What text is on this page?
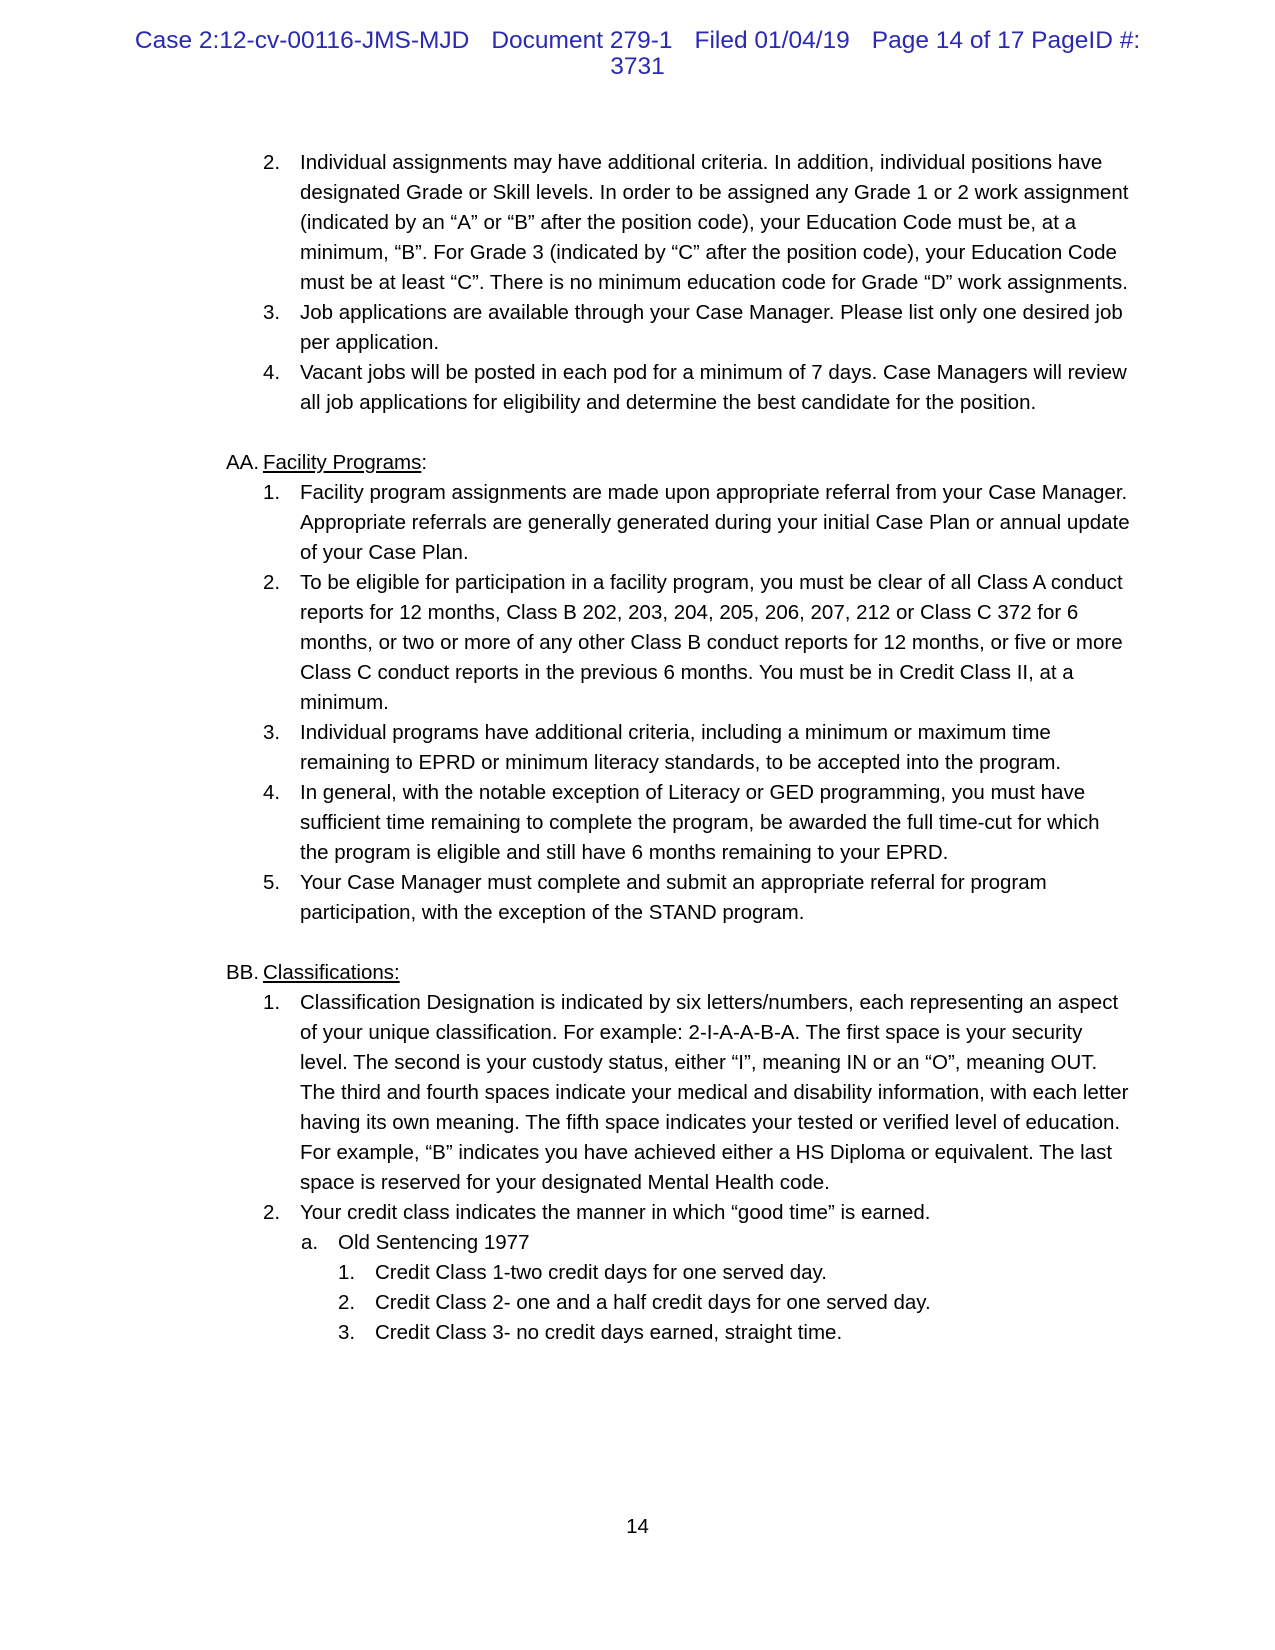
Case 2:12-cv-00116-JMS-MJD Document 279-1 Filed 01/04/19 Page 14 of 17 PageID #:
3731
2. Individual assignments may have additional criteria. In addition, individual positions have designated Grade or Skill levels. In order to be assigned any Grade 1 or 2 work assignment (indicated by an “A” or “B” after the position code), your Education Code must be, at a minimum, “B”. For Grade 3 (indicated by “C” after the position code), your Education Code must be at least “C”. There is no minimum education code for Grade “D” work assignments.
3. Job applications are available through your Case Manager. Please list only one desired job per application.
4. Vacant jobs will be posted in each pod for a minimum of 7 days. Case Managers will review all job applications for eligibility and determine the best candidate for the position.
AA. Facility Programs:
1. Facility program assignments are made upon appropriate referral from your Case Manager. Appropriate referrals are generally generated during your initial Case Plan or annual update of your Case Plan.
2. To be eligible for participation in a facility program, you must be clear of all Class A conduct reports for 12 months, Class B 202, 203, 204, 205, 206, 207, 212 or Class C 372 for 6 months, or two or more of any other Class B conduct reports for 12 months, or five or more Class C conduct reports in the previous 6 months. You must be in Credit Class II, at a minimum.
3. Individual programs have additional criteria, including a minimum or maximum time remaining to EPRD or minimum literacy standards, to be accepted into the program.
4. In general, with the notable exception of Literacy or GED programming, you must have sufficient time remaining to complete the program, be awarded the full time-cut for which the program is eligible and still have 6 months remaining to your EPRD.
5. Your Case Manager must complete and submit an appropriate referral for program participation, with the exception of the STAND program.
BB. Classifications:
1. Classification Designation is indicated by six letters/numbers, each representing an aspect of your unique classification. For example: 2-I-A-A-B-A. The first space is your security level. The second is your custody status, either “I”, meaning IN or an “O”, meaning OUT. The third and fourth spaces indicate your medical and disability information, with each letter having its own meaning. The fifth space indicates your tested or verified level of education. For example, “B” indicates you have achieved either a HS Diploma or equivalent. The last space is reserved for your designated Mental Health code.
2. Your credit class indicates the manner in which “good time” is earned.
a. Old Sentencing 1977
1. Credit Class 1-two credit days for one served day.
2. Credit Class 2- one and a half credit days for one served day.
3. Credit Class 3- no credit days earned, straight time.
14
